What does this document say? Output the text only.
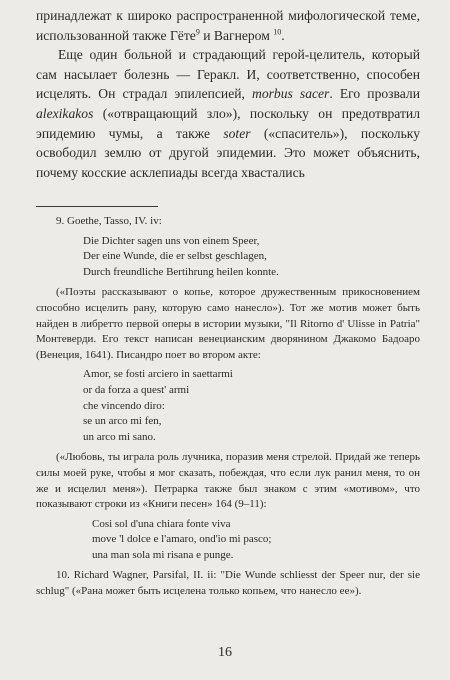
принадлежат к широко распространенной мифологической теме, использованной также Гёте$^9$ и Вагнером $^{10}$.

Еще один больной и страдающий герой-целитель, который сам насылает болезнь — Геракл. И, соответственно, способен исцелять. Он страдал эпилепсией, morbus sacer. Его прозвали alexikakos («отвращающий зло»), поскольку он предотвратил эпидемию чумы, а также soter («спаситель»), поскольку освободил землю от другой эпидемии. Это может объяснить, почему косские асклепиады всегда хвастались

9. Goethe, Tasso, IV. iv:

Die Dichter sagen uns von einem Speer,
Der eine Wunde, die er selbst geschlagen,
Durch freundliche Bertihrung heilen konnte.

(«Поэты рассказывают о копье, которое дружественным прикосновением способно исцелить рану, которую само нанесло»). Тот же мотив может быть найден в либретто первой оперы в истории музыки, "Il Ritorno d' Ulisse in Patria" Монтеверди. Его текст написан венецианским дворянином Джакомо Бадоаро (Венеция, 1641). Писандро поет во втором акте:

Amor, se fosti arciero in saettarmi
or da forza a quest' armi
che vincendo diro:
se un arco mi fen,
un arco mi sano.

(«Любовь, ты играла роль лучника, поразив меня стрелой. Придай же теперь силы моей руке, чтобы я мог сказать, побеждая, что если лук ранил меня, то он же и исцелил меня»). Петрарка также был знаком с этим «мотивом», что показывают строки из «Книги песен» 164 (9–11):

Cosi sol d'una chiara fonte viva
move 'l dolce e l'amaro, ond'io mi pasco;
una man sola mi risana e punge.

10. Richard Wagner, Parsifal, II. ii: "Die Wunde schliesst der Speer nur, der sie schlug" («Рана может быть исцелена только копьем, что нанесло ее»).

16
